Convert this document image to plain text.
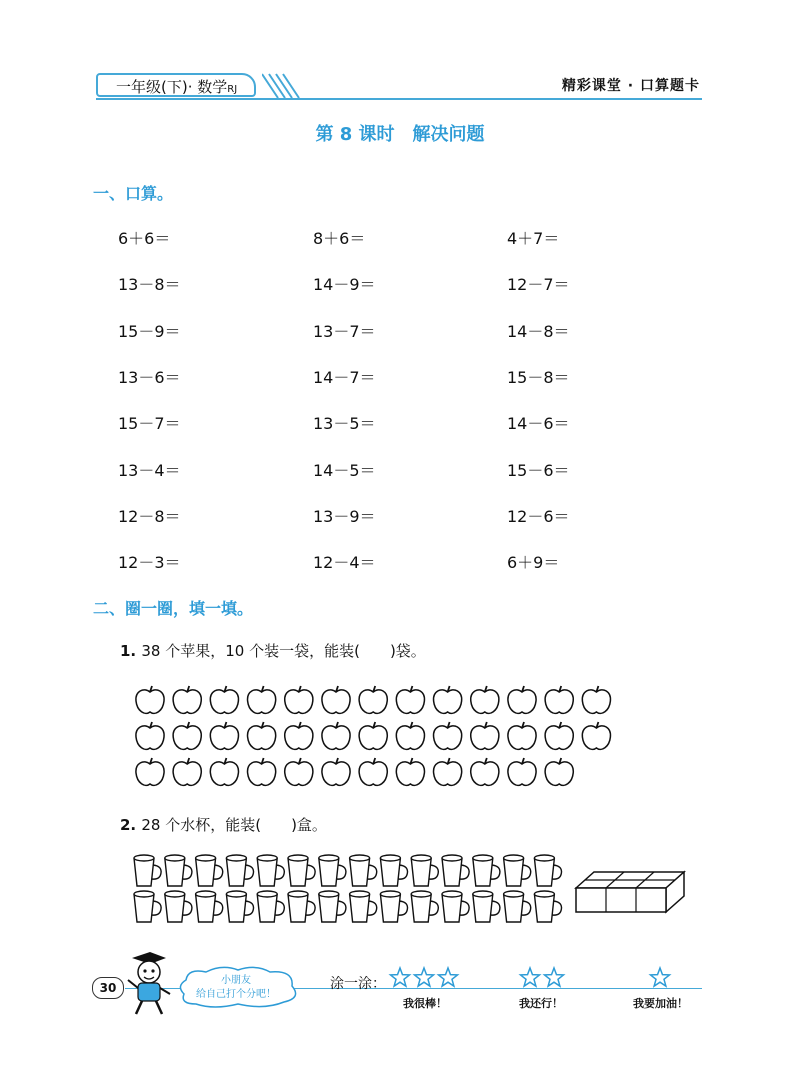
一年级(下)· 数学RJ	精彩课堂 · 口算题卡
第 8 课时　解决问题
一、口算。
6＋6＝	8＋6＝	4＋7＝
13－8＝	14－9＝	12－7＝
15－9＝	13－7＝	14－8＝
13－6＝	14－7＝	15－8＝
15－7＝	13－5＝	14－6＝
13－4＝	14－5＝	15－6＝
12－8＝	13－9＝	12－6＝
12－3＝	12－4＝	6＋9＝
二、圈一圈，填一填。
1. 38 个苹果，10 个装一袋，能装(　　)袋。
2. 28 个水杯，能装(　　)盒。
30
小朋友
给自己打个分吧！
涂一涂：
我很棒！	我还行！	我要加油！
